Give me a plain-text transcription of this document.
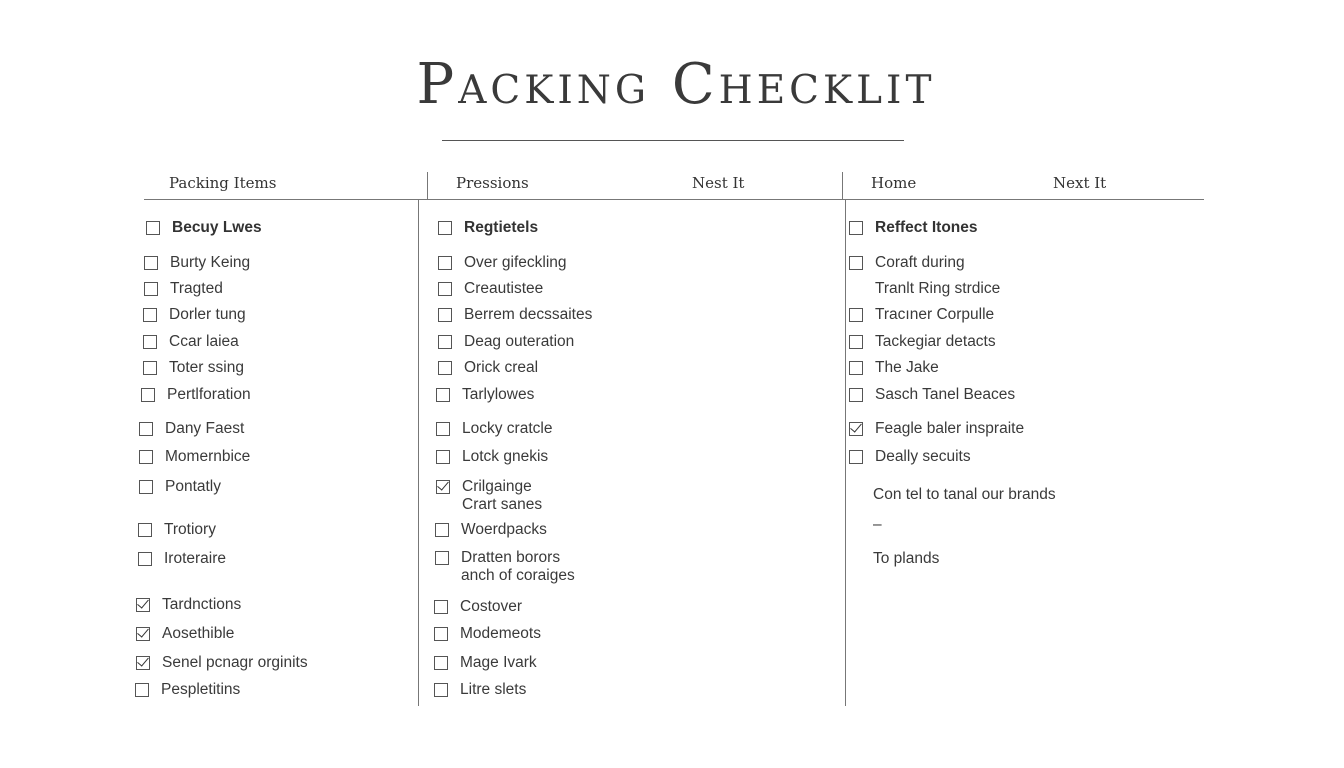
Packing Checklit
Packing Items	Pressions	Nest It	Home	Next It
Becuy Lwes
Burty Keing
Tragted
Dorler tung
Ccar laiea
Toter ssing
Pertlforation
Dany Faest
Momernbice
Pontatly
Trotiory
Iroteraire
Tardnctions
Aosethible
Senel pcnagr orginits
Pespletitins
Regtietels
Over gifeckling
Creautistee
Berrem decssaites
Deag outeration
Orick creal
Tarlylowes
Locky cratcle
Lotck gnekis
Crilgainge
Crart sanes
Woerdpacks
Dratten borors
anch of coraiges
Costover
Modemeots
Mage Ivark
Litre slets
Reffect Itones
Coraft during
Tranlt Ring strdice
Tracıner Corpulle
Tackegiar detacts
The Jake
Sasch Tanel Beaces
Feagle baler inspraite
Deally secuits
Con tel to tanal our brands
–
To plands
